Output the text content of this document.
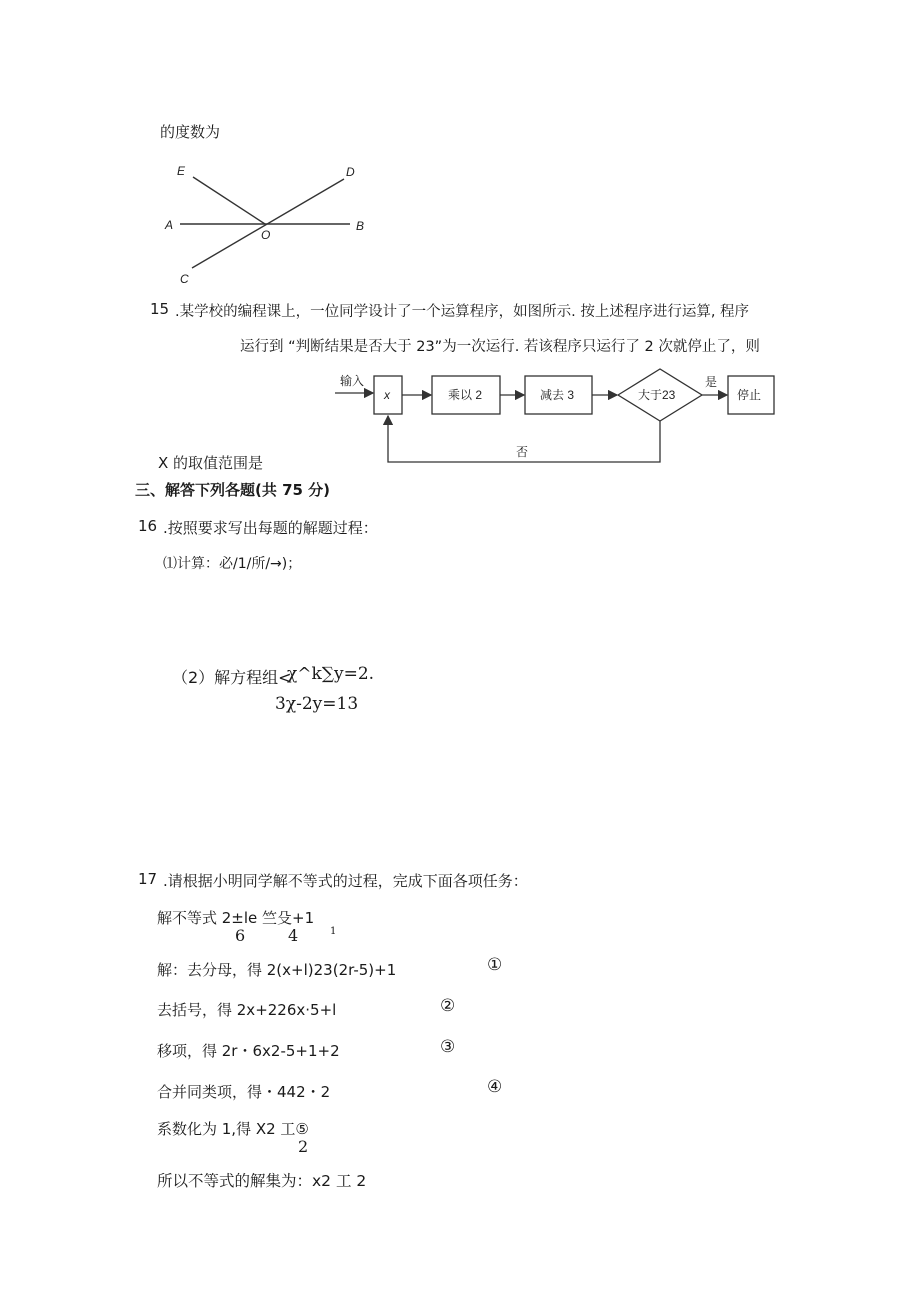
的度数为
E	D
A
O
B
C
15 .某学校的编程课上，一位同学设计了一个运算程序，如图所示. 按上述程序进行运算, 程序
运行到 “判断结果是否大于 23”为一次运行. 若该程序只运行了 2 次就停止了，则
输入
x	乘以 2	减去 3	大于23
是
停止
否
X 的取值范围是
三、解答下列各题(共 75 分)
16 .按照要求写出每题的解题过程：
⑴计算：必/1/所/→)；
（2）解方程组<
χ^k∑y=2.
3χ-2y=13
17 .请根据小明同学解不等式的过程，完成下面各项任务：
解不等式 2±le 竺殳+1
6	4	1
解：去分母，得 2(x+l)23(2r-5)+1	①
去括号，得 2x+226x·5+l	②
移项，得 2r・6x2-5+1+2	③
合并同类项，得・442・2	④
系数化为 1,得 X2 工⑤
2
所以不等式的解集为：x2 工 2
